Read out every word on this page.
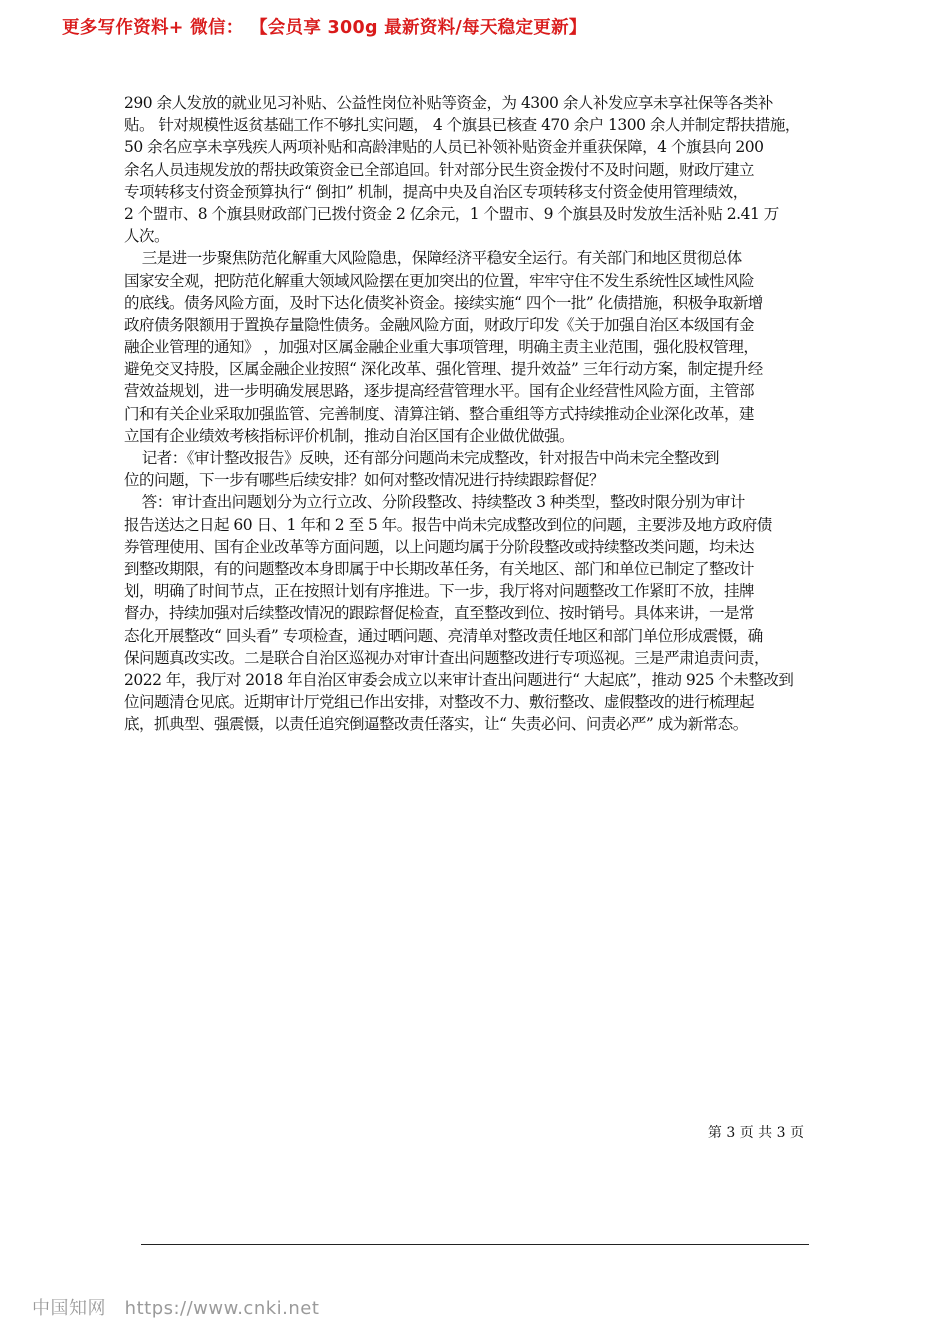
更多写作资料+ 微信： 【会员享 300g 最新资料/每天稳定更新】
290 余人发放的就业见习补贴、公益性岗位补贴等资金，为 4300 余人补发应享未享社保等各类补
贴。 针对规模性返贫基础工作不够扎实问题， 4 个旗县已核查 470 余户 1300 余人并制定帮扶措施，
50 余名应享未享残疾人两项补贴和高龄津贴的人员已补领补贴资金并重获保障，4 个旗县向 200
余名人员违规发放的帮扶政策资金已全部追回。针对部分民生资金拨付不及时问题，财政厅建立
专项转移支付资金预算执行“ 倒扣” 机制，提高中央及自治区专项转移支付资金使用管理绩效，
2 个盟市、8 个旗县财政部门已拨付资金 2 亿余元，1 个盟市、9 个旗县及时发放生活补贴 2.41 万
人次。
三是进一步聚焦防范化解重大风险隐患，保障经济平稳安全运行。有关部门和地区贯彻总体
国家安全观，把防范化解重大领域风险摆在更加突出的位置，牢牢守住不发生系统性区域性风险
的底线。债务风险方面，及时下达化债奖补资金。接续实施“ 四个一批” 化债措施，积极争取新增
政府债务限额用于置换存量隐性债务。金融风险方面，财政厅印发《关于加强自治区本级国有金
融企业管理的通知》 ，加强对区属金融企业重大事项管理，明确主责主业范围，强化股权管理，
避免交叉持股，区属金融企业按照“ 深化改革、强化管理、提升效益” 三年行动方案，制定提升经
营效益规划，进一步明确发展思路，逐步提高经营管理水平。国有企业经营性风险方面，主管部
门和有关企业采取加强监管、完善制度、清算注销、整合重组等方式持续推动企业深化改革，建
立国有企业绩效考核指标评价机制，推动自治区国有企业做优做强。
记者：《审计整改报告》反映，还有部分问题尚未完成整改，针对报告中尚未完全整改到
位的问题，下一步有哪些后续安排？如何对整改情况进行持续跟踪督促？
答：审计查出问题划分为立行立改、分阶段整改、持续整改 3 种类型，整改时限分别为审计
报告送达之日起 60 日、1 年和 2 至 5 年。报告中尚未完成整改到位的问题，主要涉及地方政府债
券管理使用、国有企业改革等方面问题，以上问题均属于分阶段整改或持续整改类问题，均未达
到整改期限，有的问题整改本身即属于中长期改革任务，有关地区、部门和单位已制定了整改计
划，明确了时间节点，正在按照计划有序推进。下一步，我厅将对问题整改工作紧盯不放，挂牌
督办，持续加强对后续整改情况的跟踪督促检查，直至整改到位、按时销号。具体来讲，一是常
态化开展整改“ 回头看” 专项检查，通过晒问题、亮清单对整改责任地区和部门单位形成震慑，确
保问题真改实改。二是联合自治区巡视办对审计查出问题整改进行专项巡视。三是严肃追责问责，
2022 年，我厅对 2018 年自治区审委会成立以来审计查出问题进行“ 大起底”，推动 925 个未整改到
位问题清仓见底。近期审计厅党组已作出安排，对整改不力、敷衍整改、虚假整改的进行梳理起
底，抓典型、强震慑，以责任追究倒逼整改责任落实，让“ 失责必问、问责必严” 成为新常态。
第 3 页 共 3 页
中国知网   https://www.cnki.net
